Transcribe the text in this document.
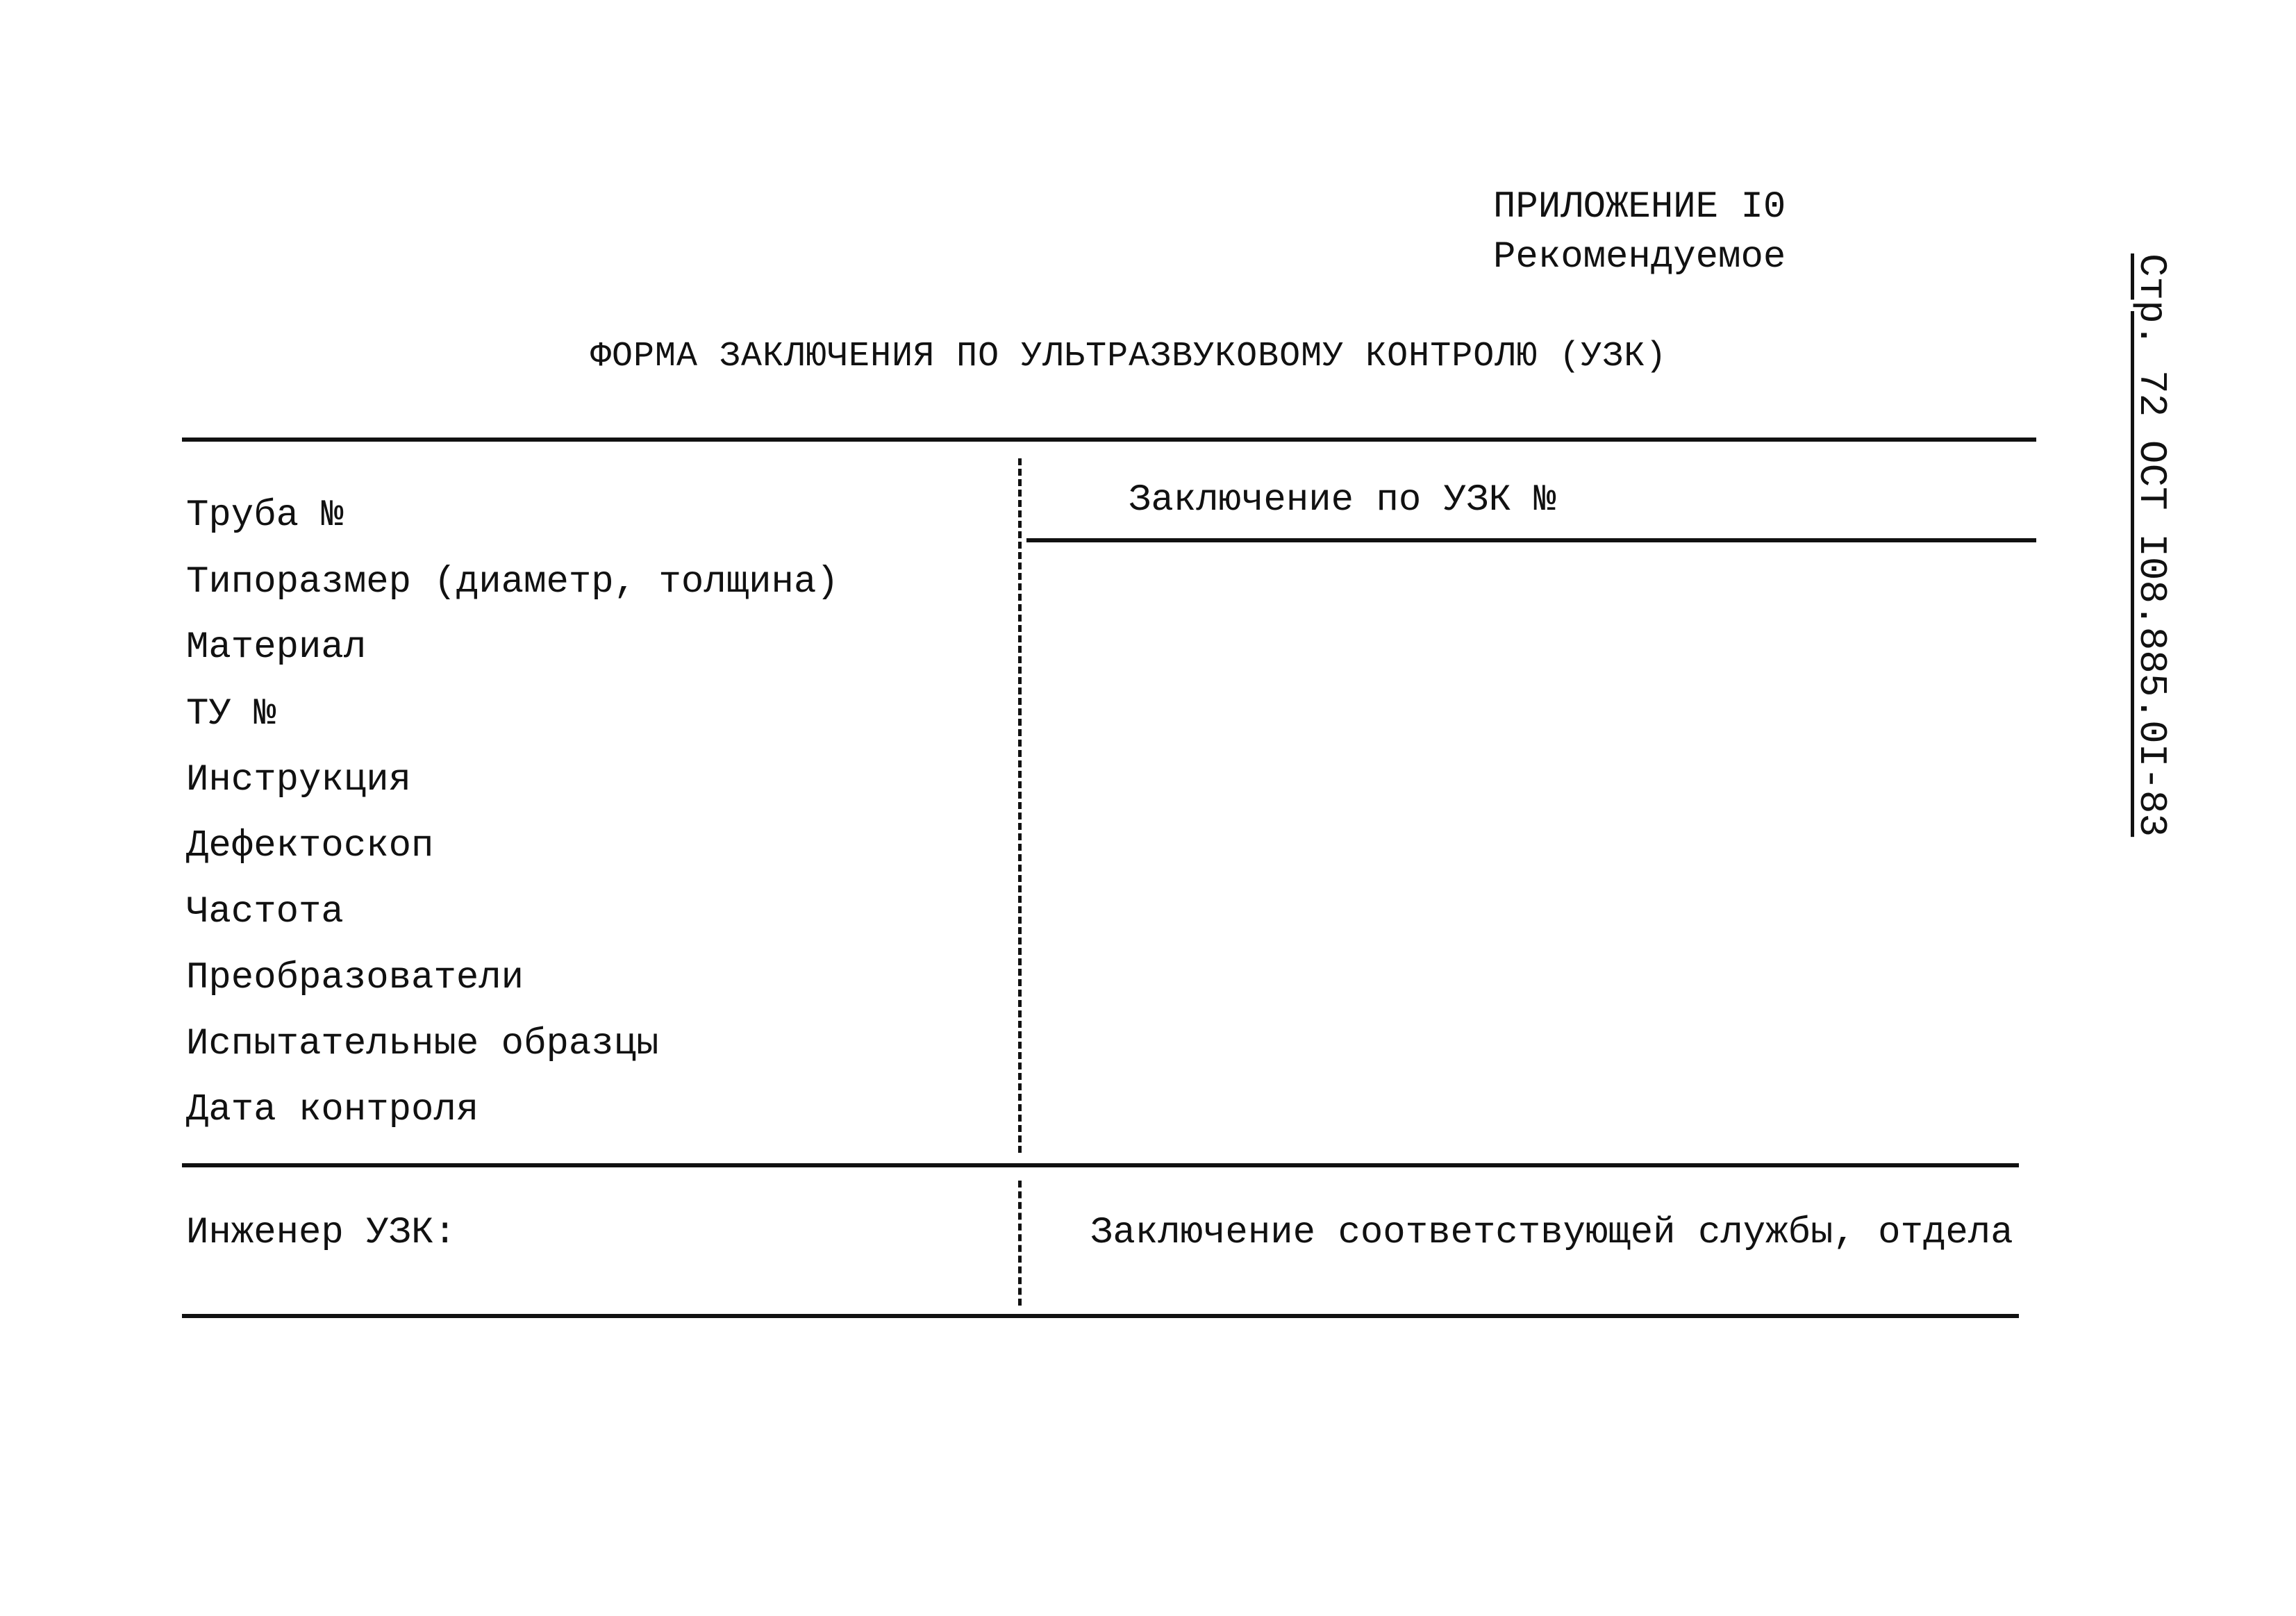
ПРИЛОЖЕНИЕ I0
Рекомендуемое	Стр. 72 ОСТ I08.885.0I-83
ФОРМА ЗАКЛЮЧЕНИЯ ПО УЛЬТРАЗВУКОВОМУ КОНТРОЛЮ (УЗК)
Заключение по УЗК №
Труба №
Типоразмер (диаметр, толщина)
Материал
ТУ №
Инструкция
Дефектоскоп
Частота
Преобразователи
Испытательные образцы
Дата контроля
Инженер УЗК:	Заключение соответствующей службы, отдела
